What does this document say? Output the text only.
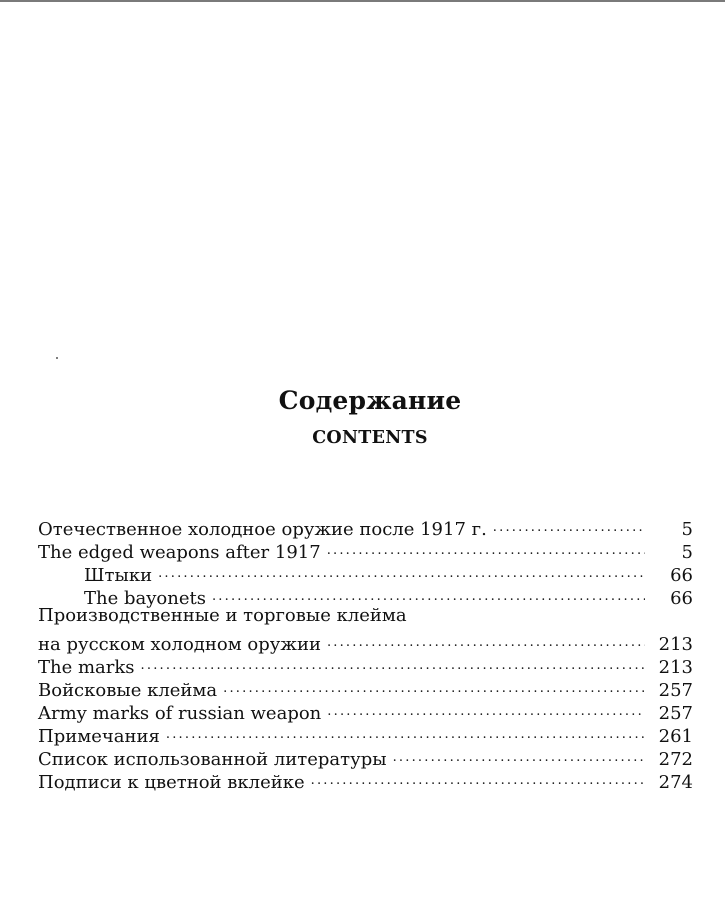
Содержание
CONTENTS
Отечественное холодное оружие после 1917 г. .....	5
The edged weapons after 1917 .....	5
Штыки .....	66
The bayonets .....	66
Производственные и торговые клейма
на русском холодном оружии .....	213
The marks .....	213
Войсковые клейма .....	257
Army marks of russian weapon .....	257
Примечания .....	261
Список использованной литературы .....	272
Подписи к цветной вклейке .....	274
